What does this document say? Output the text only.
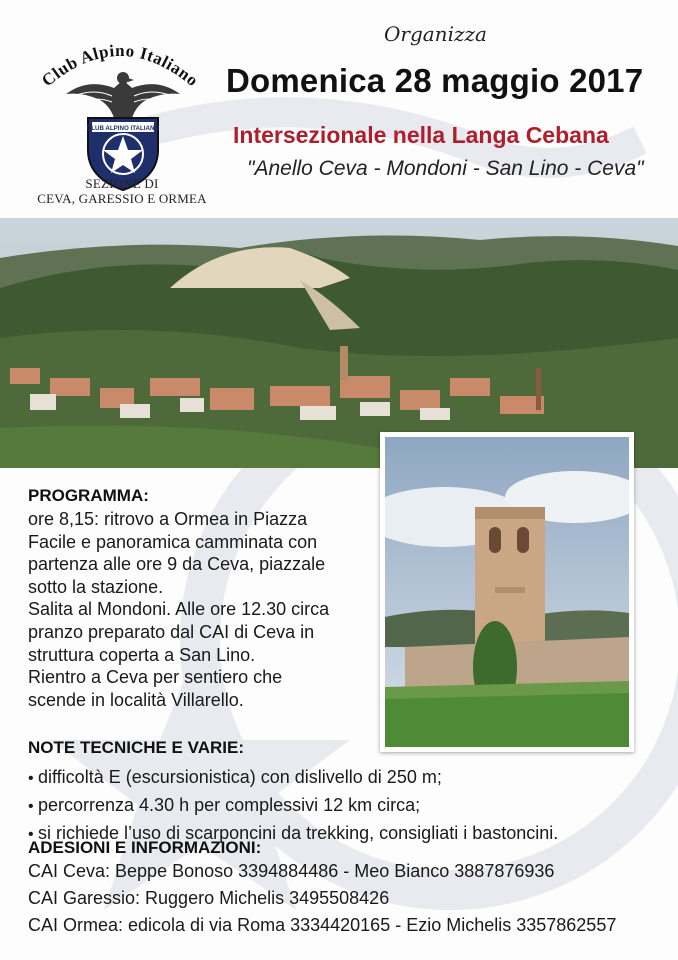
Club Alpino Italiano
CLUB ALPINO ITALIANO
SEZIONE DI
CEVA, GARESSIO E ORMEA
Organizza
Domenica 28 maggio 2017
Intersezionale nella Langa Cebana
"Anello Ceva - Mondoni - San Lino - Ceva"
PROGRAMMA:
ore 8,15: ritrovo a Ormea in Piazza
Facile e panoramica camminata con
partenza alle ore 9 da Ceva, piazzale
sotto la stazione.
Salita al Mondoni. Alle ore 12.30 circa
pranzo preparato dal CAI di Ceva in
struttura coperta a San Lino.
Rientro a Ceva per sentiero che
scende in località Villarello.
NOTE TECNICHE E VARIE:
• difficoltà E (escursionistica) con dislivello di 250 m;
• percorrenza 4.30 h per complessivi 12 km circa;
• si richiede l’uso di scarponcini da trekking, consigliati i bastoncini.
ADESIONI E INFORMAZIONI:
CAI Ceva: Beppe Bonoso 3394884486 - Meo Bianco 3887876936
CAI Garessio: Ruggero Michelis 3495508426
CAI Ormea: edicola di via Roma 3334420165 - Ezio Michelis 3357862557
